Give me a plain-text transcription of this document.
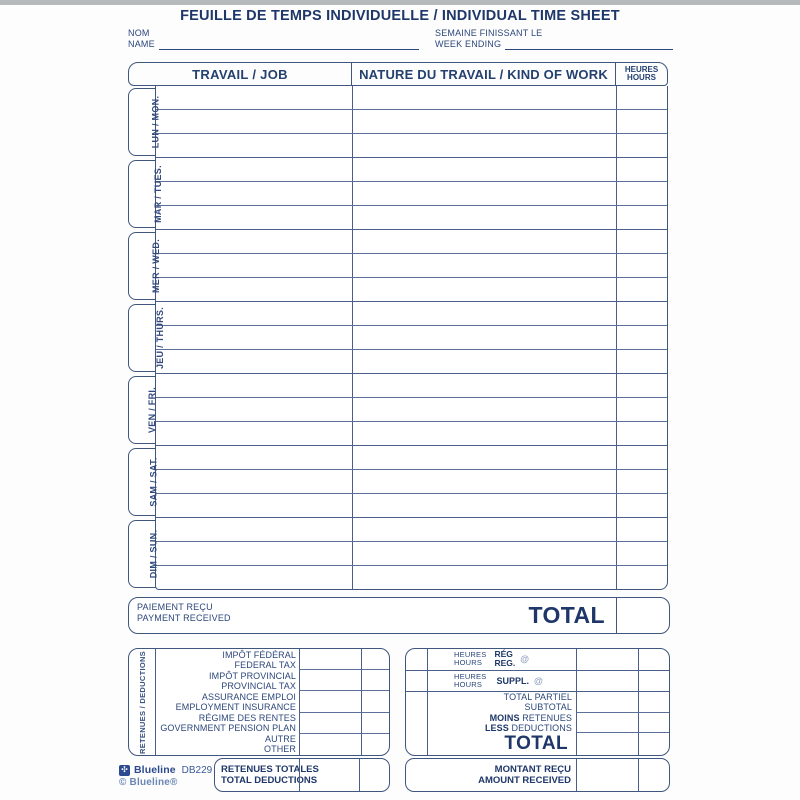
FEUILLE DE TEMPS INDIVIDUELLE / INDIVIDUAL TIME SHEET
NOM
NAME
SEMAINE FINISSANT LE
WEEK ENDING
TRAVAIL / JOB	NATURE DU TRAVAIL / KIND OF WORK	HEURES
HOURS
LUN / MON.
MAR / TUES.
MER / WED.
JEU / THURS.
VEN / FRI.
SAM / SAT.
DIM / SUN.
PAIEMENT REÇU
PAYMENT RECEIVED	TOTAL
RETENUES / DEDUCTIONS	IMPÔT FÉDÉRAL
FEDERAL TAX
IMPÔT PROVINCIAL
PROVINCIAL TAX
ASSURANCE EMPLOI
EMPLOYMENT INSURANCE
RÉGIME DES RENTES
GOVERNMENT PENSION PLAN
AUTRE
OTHER
RETENUES TOTALES
TOTAL DEDUCTIONS
HEURES
HOURS
RÉG
REG. @
HEURES
HOURS	SUPPL. @
TOTAL PARTIEL
SUBTOTAL
MOINS RETENUES
LESS DEDUCTIONS
TOTAL
MONTANT REÇU
AMOUNT RECEIVED
✣ Blueline DB229
© Blueline®
